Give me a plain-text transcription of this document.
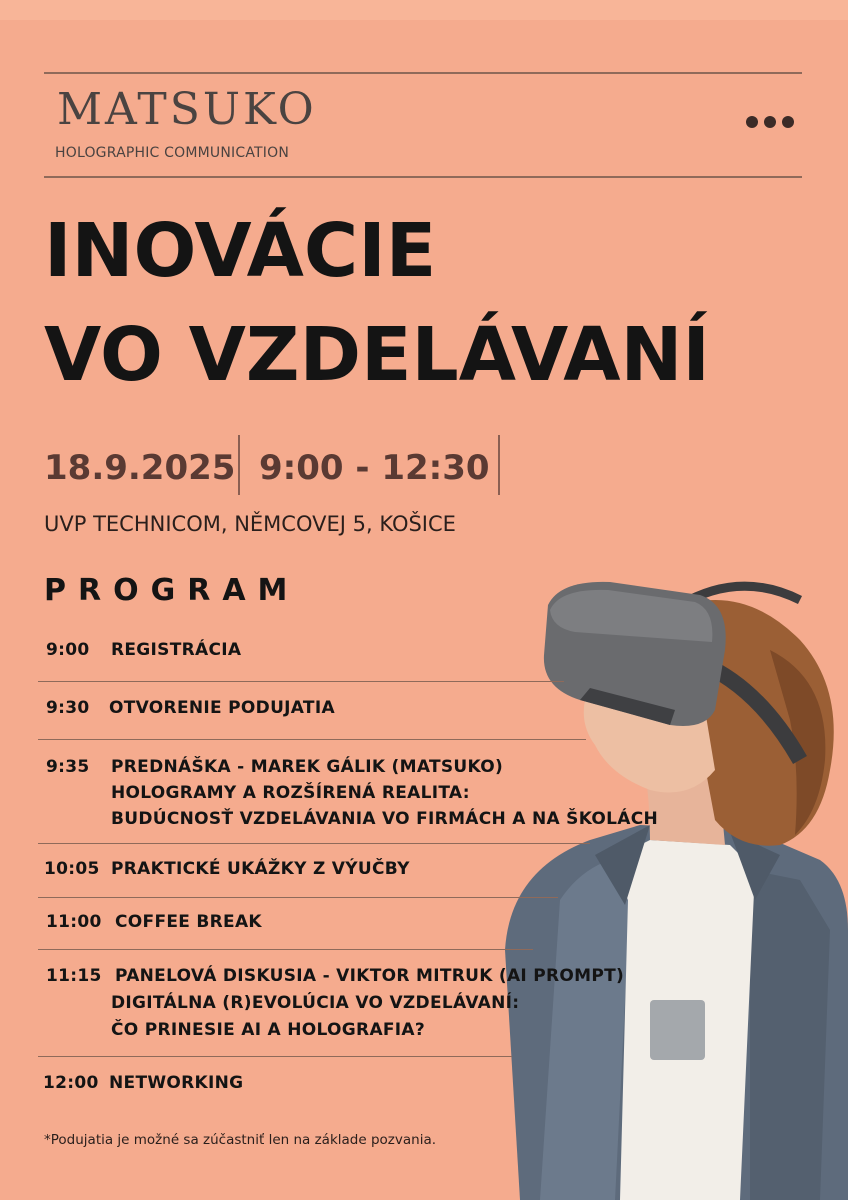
MATSUKO
HOLOGRAPHIC COMMUNICATION
INOVÁCIE
VO VZDELÁVANÍ
18.9.2025 9:00 - 12:30
UVP TECHNICOM, NĚMCOVEJ 5, KOŠICE
PROGRAM
9:00 REGISTRÁCIA
9:30 OTVORENIE PODUJATIA
9:35 PREDNÁŠKA - MAREK GÁLIK (MATSUKO)
HOLOGRAMY A ROZŠÍRENÁ REALITA:
BUDÚCNOSŤ VZDELÁVANIA VO FIRMÁCH A NA ŠKOLÁCH
10:05 PRAKTICKÉ UKÁŽKY Z VÝUČBY
11:00 COFFEE BREAK
11:15 PANELOVÁ DISKUSIA - VIKTOR MITRUK (AI PROMPT)
DIGITÁLNA (R)EVOLÚCIA VO VZDELÁVANÍ:
ČO PRINESIE AI A HOLOGRAFIA?
12:00 NETWORKING
*Podujatia je možné sa zúčastniť len na základe pozvania.
